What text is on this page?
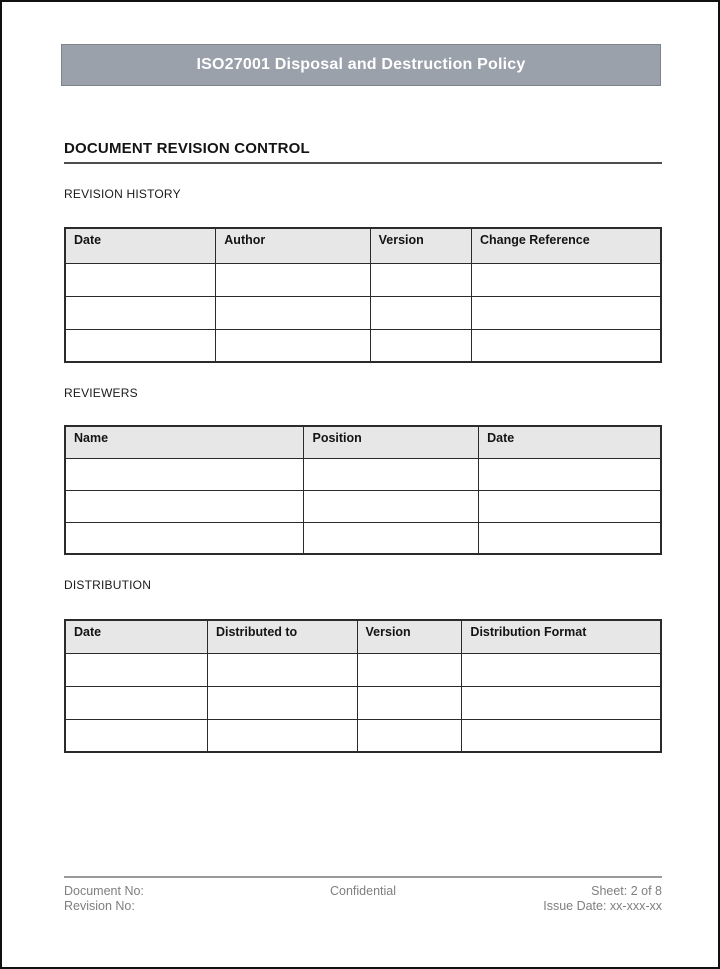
ISO27001 Disposal and Destruction Policy
DOCUMENT REVISION CONTROL
REVISION HISTORY
Date	Author	Version	Change Reference

REVIEWERS
Name	Position	Date

DISTRIBUTION
Date	Distributed to	Version	Distribution Format

Document No:
Revision No:
Confidential	Sheet: 2 of 8
Issue Date: xx-xxx-xx
